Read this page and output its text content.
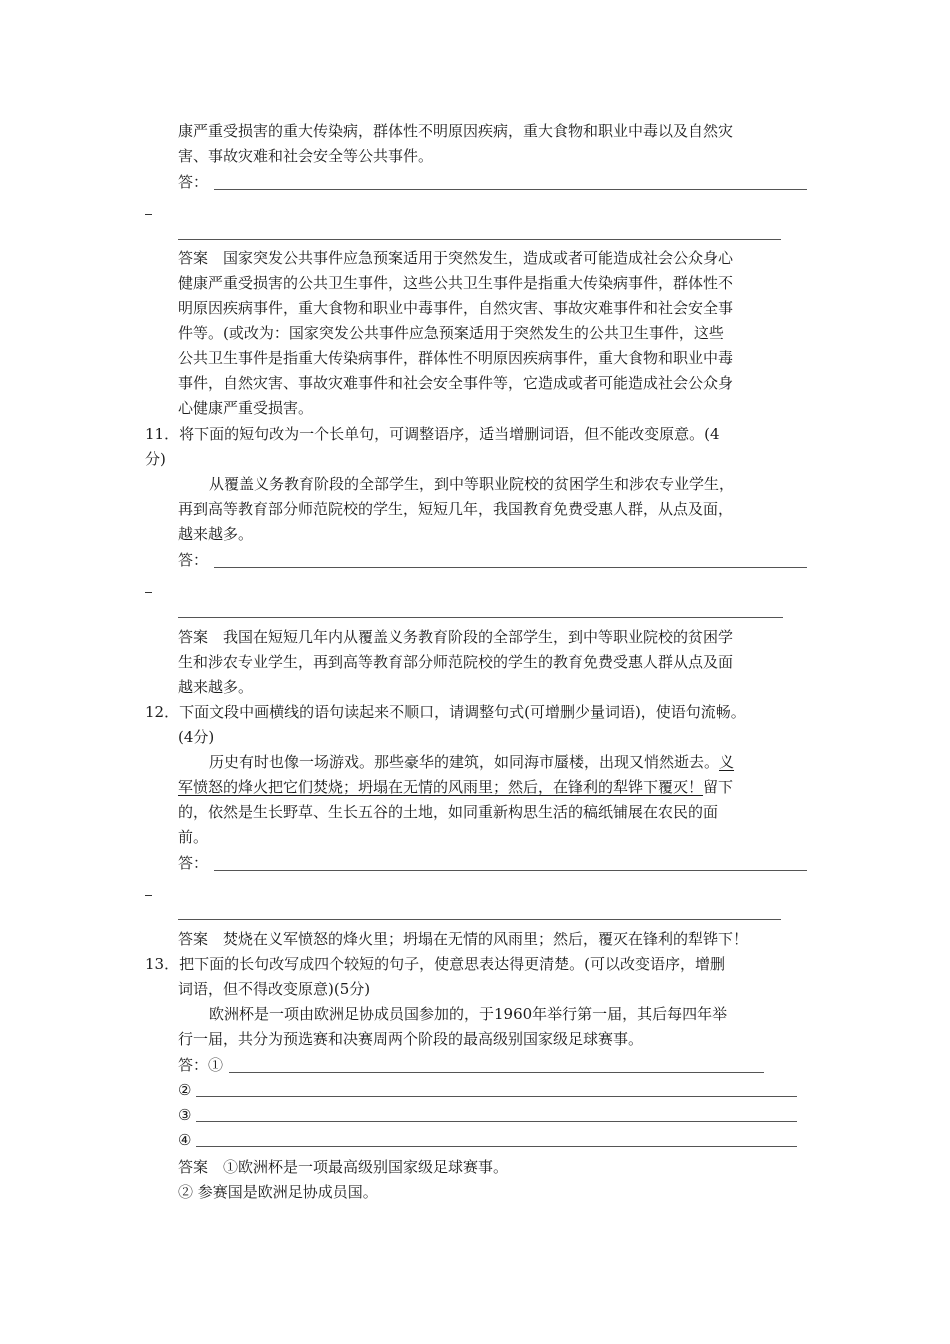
康严重受损害的重大传染病，群体性不明原因疾病，重大食物和职业中毒以及自然灾
害、事故灾难和社会安全等公共事件。
答：
答案　国家突发公共事件应急预案适用于突然发生，造成或者可能造成社会公众身心
健康严重受损害的公共卫生事件，这些公共卫生事件是指重大传染病事件，群体性不
明原因疾病事件，重大食物和职业中毒事件，自然灾害、事故灾难事件和社会安全事
件等。(或改为：国家突发公共事件应急预案适用于突然发生的公共卫生事件，这些
公共卫生事件是指重大传染病事件，群体性不明原因疾病事件，重大食物和职业中毒
事件，自然灾害、事故灾难事件和社会安全事件等，它造成或者可能造成社会公众身
心健康严重受损害。
11．将下面的短句改为一个长单句，可调整语序，适当增删词语，但不能改变原意。(4
分)
从覆盖义务教育阶段的全部学生，到中等职业院校的贫困学生和涉农专业学生，
再到高等教育部分师范院校的学生，短短几年，我国教育免费受惠人群，从点及面，
越来越多。
答：
答案　我国在短短几年内从覆盖义务教育阶段的全部学生，到中等职业院校的贫困学
生和涉农专业学生，再到高等教育部分师范院校的学生的教育免费受惠人群从点及面
越来越多。
12．下面文段中画横线的语句读起来不顺口，请调整句式(可增删少量词语)，使语句流畅。
(4分)
历史有时也像一场游戏。那些豪华的建筑，如同海市蜃楼，出现又悄然逝去。义
军愤怒的烽火把它们焚烧；坍塌在无情的风雨里；然后，在锋利的犁铧下覆灭！留下
的，依然是生长野草、生长五谷的土地，如同重新构思生活的稿纸铺展在农民的面
前。
答：
答案　焚烧在义军愤怒的烽火里；坍塌在无情的风雨里；然后，覆灭在锋利的犁铧下！
13．把下面的长句改写成四个较短的句子，使意思表达得更清楚。(可以改变语序，增删
词语，但不得改变原意)(5分)
欧洲杯是一项由欧洲足协成员国参加的，于1960年举行第一届，其后每四年举
行一届，共分为预选赛和决赛周两个阶段的最高级别国家级足球赛事。
答：①
②
③
④
答案　①欧洲杯是一项最高级别国家级足球赛事。
② 参赛国是欧洲足协成员国。
